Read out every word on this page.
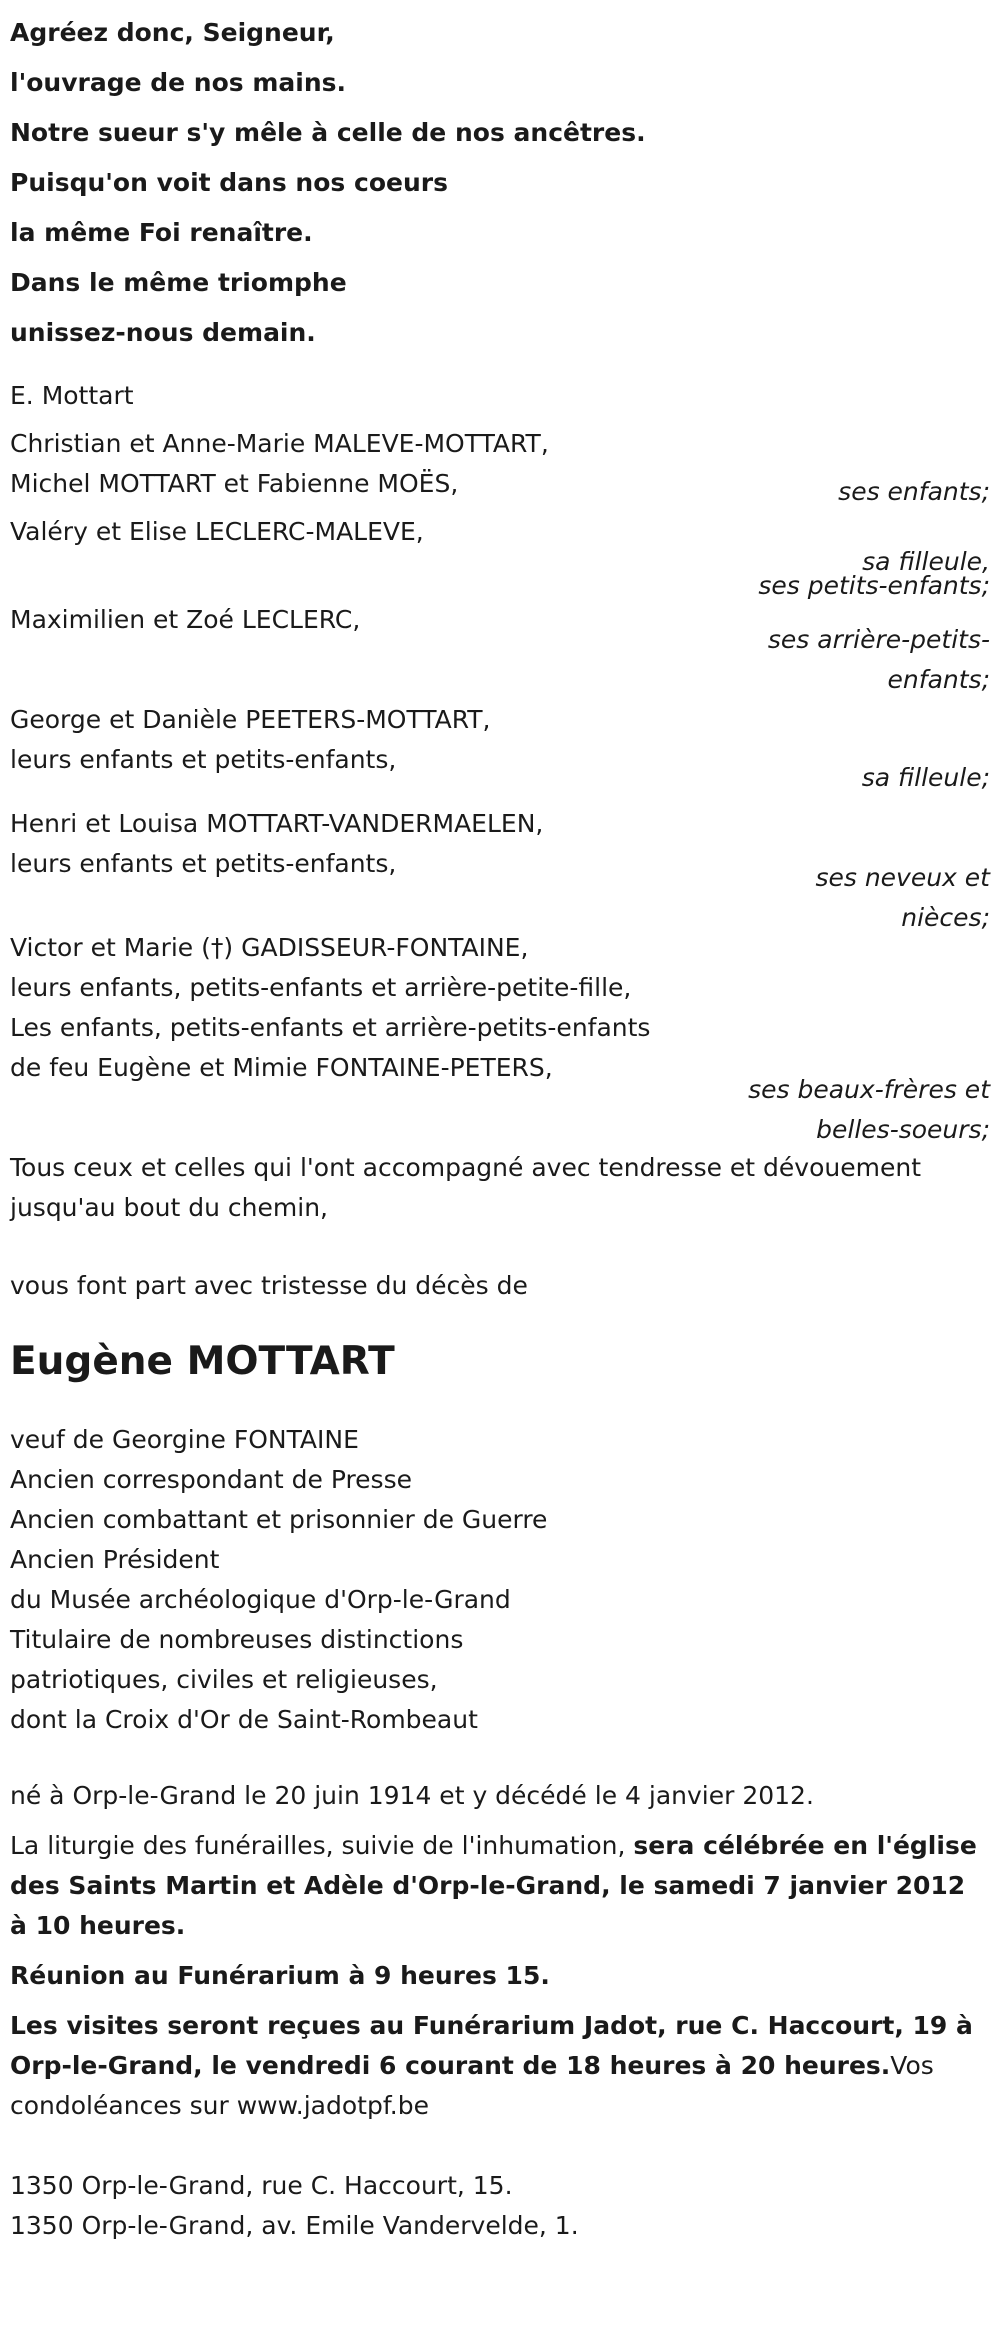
Agréez donc, Seigneur,
l'ouvrage de nos mains.
Notre sueur s'y mêle à celle de nos ancêtres.
Puisqu'on voit dans nos coeurs
la même Foi renaître.
Dans le même triomphe
unissez-nous demain.
E. Mottart
Christian et Anne-Marie MALEVE-MOTTART,
Michel MOTTART et Fabienne MOËS,	ses enfants;
Valéry et Elise LECLERC-MALEVE,
sa filleule,
ses petits-enfants;
Maximilien et Zoé LECLERC,
ses arrière-petits-
enfants;
George et Danièle PEETERS-MOTTART,
leurs enfants et petits-enfants,
sa filleule;
Henri et Louisa MOTTART-VANDERMAELEN,
leurs enfants et petits-enfants,	ses neveux et
nièces;
Victor et Marie (†) GADISSEUR-FONTAINE,
leurs enfants, petits-enfants et arrière-petite-fille,
Les enfants, petits-enfants et arrière-petits-enfants
de feu Eugène et Mimie FONTAINE-PETERS,
ses beaux-frères et
belles-soeurs;
Tous ceux et celles qui l'ont accompagné avec tendresse et dévouement
jusqu'au bout du chemin,
vous font part avec tristesse du décès de
Eugène MOTTART
veuf de Georgine FONTAINE
Ancien correspondant de Presse
Ancien combattant et prisonnier de Guerre
Ancien Président
du Musée archéologique d'Orp-le-Grand
Titulaire de nombreuses distinctions
patriotiques, civiles et religieuses,
dont la Croix d'Or de Saint-Rombeaut
né à Orp-le-Grand le 20 juin 1914 et y décédé le 4 janvier 2012.
La liturgie des funérailles, suivie de l'inhumation, sera célébrée en l'église des Saints Martin et Adèle d'Orp-le-Grand, le samedi 7 janvier 2012 à 10 heures.
Réunion au Funérarium à 9 heures 15.
Les visites seront reçues au Funérarium Jadot, rue C. Haccourt, 19 à Orp-le-Grand, le vendredi 6 courant de 18 heures à 20 heures.Vos condoléances sur www.jadotpf.be
1350 Orp-le-Grand, rue C. Haccourt, 15.
1350 Orp-le-Grand, av. Emile Vandervelde, 1.
